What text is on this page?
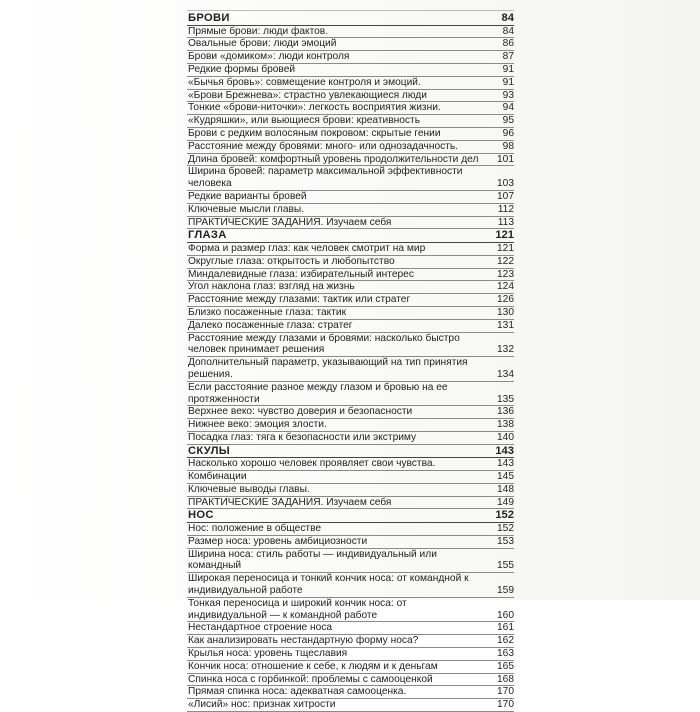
БРОВИ	84
Прямые брови: люди фактов.	84
Овальные брови: люди эмоций	86
Брови «домиком»: люди контроля	87
Редкие формы бровей	91
«Бычья бровь»: совмещение контроля и эмоций.	91
«Брови Брежнева»: страстно увлекающиеся люди	93
Тонкие «брови-ниточки»: легкость восприятия жизни.	94
«Кудряшки», или вьющиеся брови: креативность	95
Брови с редким волосяным покровом: скрытые гении	96
Расстояние между бровями: много- или однозадачность.	98
Длина бровей: комфортный уровень продолжительности дел	101
Ширина бровей: параметр максимальной эффективности человека	103
Редкие варианты бровей	107
Ключевые мысли главы.	112
ПРАКТИЧЕСКИЕ ЗАДАНИЯ. Изучаем себя	113
ГЛАЗА	121
Форма и размер глаз: как человек смотрит на мир	121
Округлые глаза: открытость и любопытство	122
Миндалевидные глаза: избирательный интерес	123
Угол наклона глаз: взгляд на жизнь	124
Расстояние между глазами: тактик или стратег	126
Близко посаженные глаза: тактик	130
Далеко посаженные глаза: стратег	131
Расстояние между глазами и бровями: насколько быстро человек принимает решения	132
Дополнительный параметр, указывающий на тип принятия решения.	134
Если расстояние разное между глазом и бровью на ее протяженности	135
Верхнее веко: чувство доверия и безопасности	136
Нижнее веко: эмоция злости.	138
Посадка глаз: тяга к безопасности или экстриму	140
СКУЛЫ	143
Насколько хорошо человек проявляет свои чувства.	143
Комбинации	145
Ключевые выводы главы.	148
ПРАКТИЧЕСКИЕ ЗАДАНИЯ. Изучаем себя	149
НОС	152
Нос: положение в обществе	152
Размер носа: уровень амбициозности	153
Ширина носа: стиль работы — индивидуальный или командный	155
Широкая переносица и тонкий кончик носа: от командной к индивидуальной работе	159
Тонкая переносица и широкий кончик носа: от индивидуальной — к командной работе	160
Нестандартное строение носа	161
Как анализировать нестандартную форму носа?	162
Крылья носа: уровень тщеславия	163
Кончик носа: отношение к себе, к людям и к деньгам	165
Спинка носа с горбинкой: проблемы с самооценкой	168
Прямая спинка носа: адекватная самооценка.	170
«Лисий» нос: признак хитрости	170
